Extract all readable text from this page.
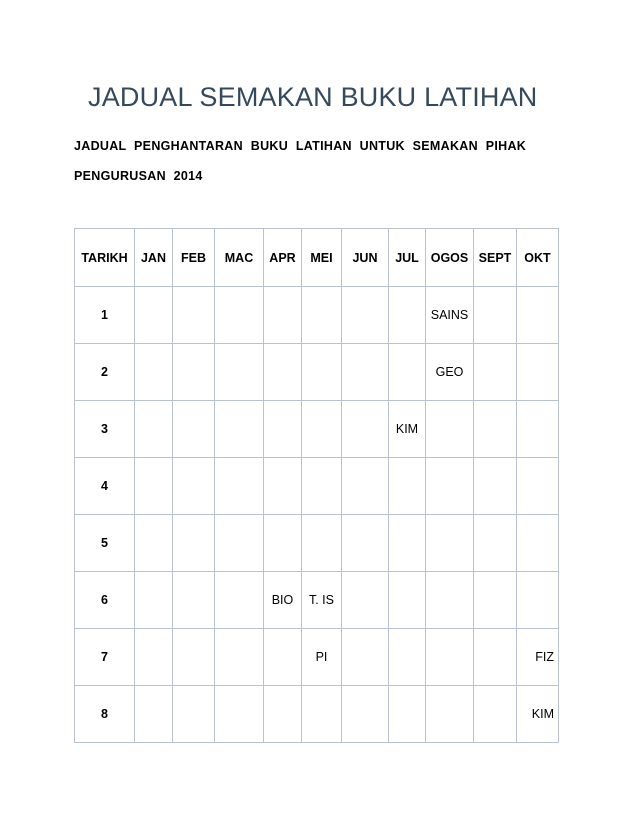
JADUAL SEMAKAN BUKU LATIHAN
JADUAL PENGHANTARAN BUKU LATIHAN UNTUK SEMAKAN PIHAK PENGURUSAN 2014
TARIKH	JAN	FEB	MAC	APR	MEI	JUN	JUL	OGOS	SEPT	OKT
1								SAINS		
2								GEO		
3							KIM			
4										
5										
6				BIO	T. IS					
7					PI					FIZ
8										KIM
